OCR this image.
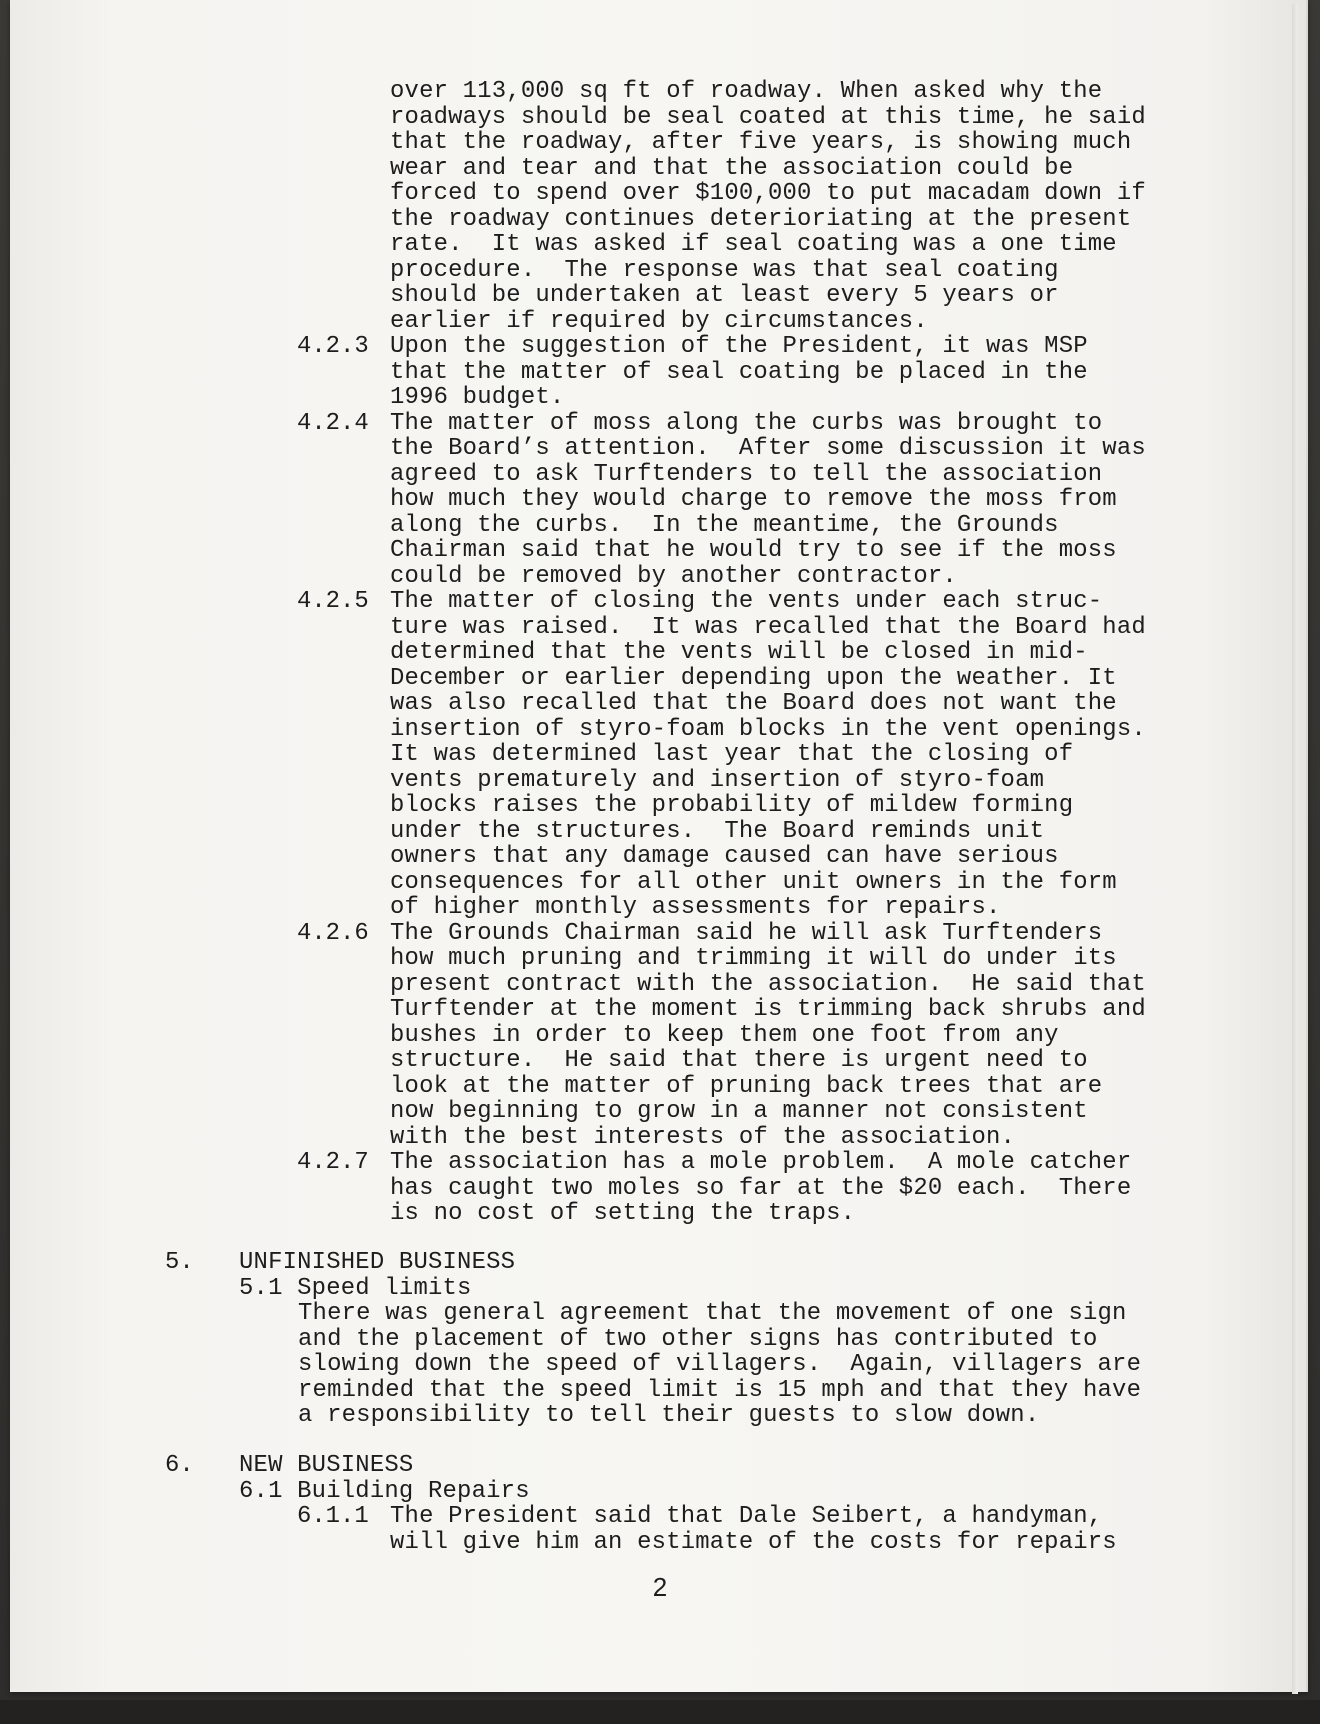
over 113,000 sq ft of roadway. When asked why the
roadways should be seal coated at this time, he said
that the roadway, after five years, is showing much
wear and tear and that the association could be
forced to spend over $100,000 to put macadam down if
the roadway continues deterioriating at the present
rate.  It was asked if seal coating was a one time
procedure.  The response was that seal coating
should be undertaken at least every 5 years or
earlier if required by circumstances.
4.2.3 Upon the suggestion of the President, it was MSP
that the matter of seal coating be placed in the
1996 budget.
4.2.4 The matter of moss along the curbs was brought to
the Board’s attention.  After some discussion it was
agreed to ask Turftenders to tell the association
how much they would charge to remove the moss from
along the curbs.  In the meantime, the Grounds
Chairman said that he would try to see if the moss
could be removed by another contractor.
4.2.5 The matter of closing the vents under each struc-
ture was raised.  It was recalled that the Board had
determined that the vents will be closed in mid-
December or earlier depending upon the weather. It
was also recalled that the Board does not want the
insertion of styro-foam blocks in the vent openings.
It was determined last year that the closing of
vents prematurely and insertion of styro-foam
blocks raises the probability of mildew forming
under the structures.  The Board reminds unit
owners that any damage caused can have serious
consequences for all other unit owners in the form
of higher monthly assessments for repairs.
4.2.6 The Grounds Chairman said he will ask Turftenders
how much pruning and trimming it will do under its
present contract with the association.  He said that
Turftender at the moment is trimming back shrubs and
bushes in order to keep them one foot from any
structure.  He said that there is urgent need to
look at the matter of pruning back trees that are
now beginning to grow in a manner not consistent
with the best interests of the association.
4.2.7 The association has a mole problem.  A mole catcher
has caught two moles so far at the $20 each.  There
is no cost of setting the traps.
5. UNFINISHED BUSINESS
5.1 Speed limits
There was general agreement that the movement of one sign
and the placement of two other signs has contributed to
slowing down the speed of villagers.  Again, villagers are
reminded that the speed limit is 15 mph and that they have
a responsibility to tell their guests to slow down.
6. NEW BUSINESS
6.1 Building Repairs
6.1.1 The President said that Dale Seibert, a handyman,
will give him an estimate of the costs for repairs
2
